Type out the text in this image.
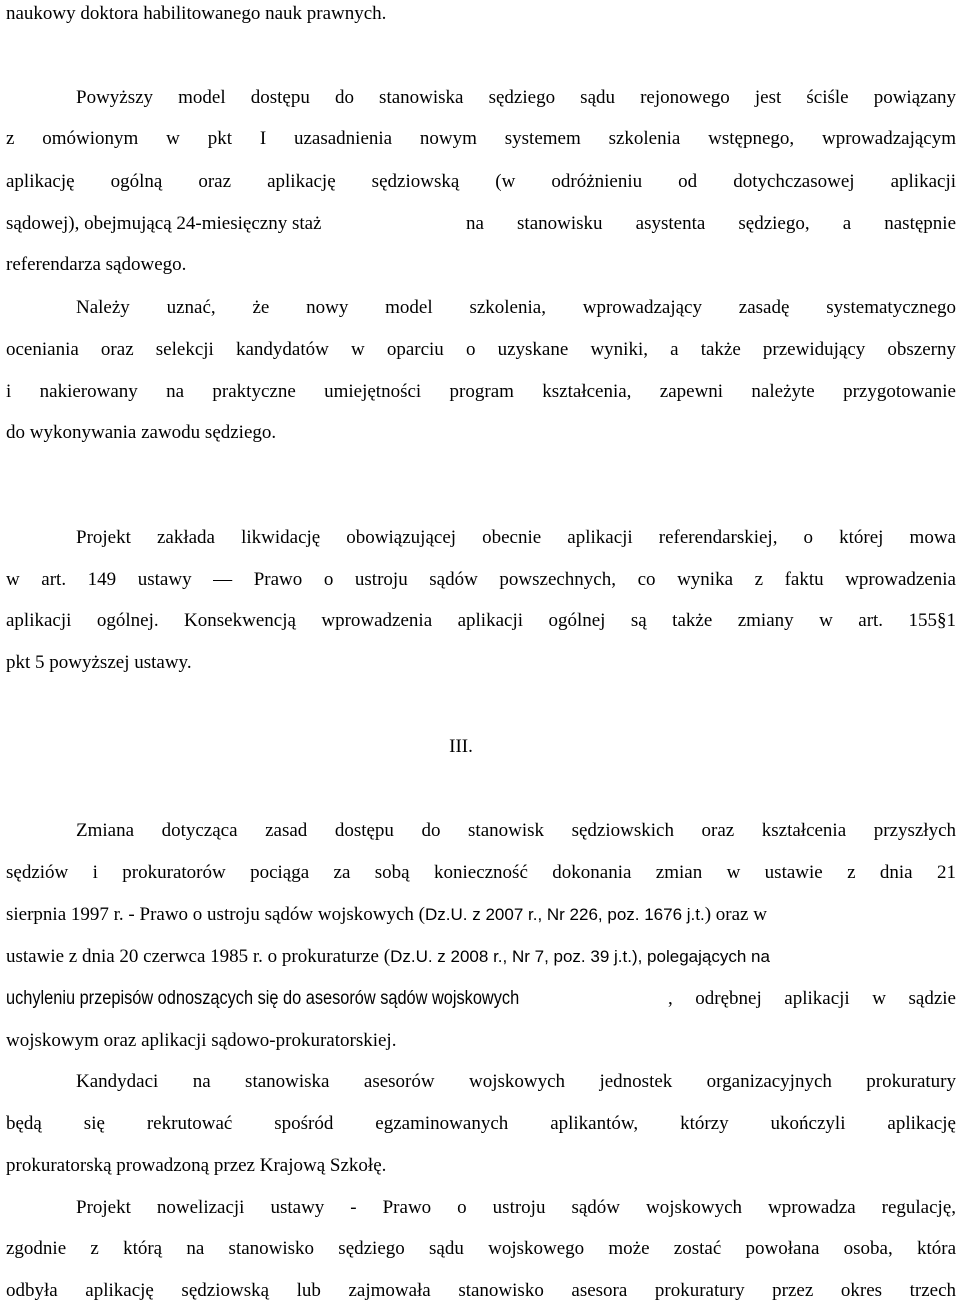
naukowy doktora habilitowanego nauk prawnych.
Powyższy model dostępu do stanowiska sędziego sądu rejonowego jest ściśle powiązany
z omówionym w pkt I uzasadnienia nowym systemem szkolenia wstępnego, wprowadzającym
aplikację ogólną oraz aplikację sędziowską (w odróżnieniu od dotychczasowej aplikacji
sądowej), obejmującą 24-miesięczny staż	na stanowisku asystenta sędziego, a następnie
referendarza sądowego.
Należy uznać, że nowy model szkolenia, wprowadzający zasadę systematycznego
oceniania oraz selekcji kandydatów w oparciu o uzyskane wyniki, a także przewidujący obszerny
i nakierowany na praktyczne umiejętności program kształcenia, zapewni należyte przygotowanie
do wykonywania zawodu sędziego.
Projekt zakłada likwidację obowiązującej obecnie aplikacji referendarskiej, o której mowa
w art. 149 ustawy ― Prawo o ustroju sądów powszechnych, co wynika z faktu wprowadzenia
aplikacji ogólnej. Konsekwencją wprowadzenia aplikacji ogólnej są także zmiany w art. 155§1
pkt 5 powyższej ustawy.
III.
Zmiana dotycząca zasad dostępu do stanowisk sędziowskich oraz kształcenia przyszłych
sędziów i prokuratorów pociąga za sobą konieczność dokonania zmian w ustawie z dnia 21
sierpnia 1997 r. - Prawo o ustroju sądów wojskowych (Dz.U. z 2007 r., Nr 226, poz. 1676 j.t.) oraz w
ustawie z dnia 20 czerwca 1985 r. o prokuraturze (Dz.U. z 2008 r., Nr 7, poz. 39 j.t.), polegających na
uchyleniu przepisów odnoszących się do asesorów sądów wojskowych	, odrębnej aplikacji w sądzie
wojskowym oraz aplikacji sądowo-prokuratorskiej.
Kandydaci na stanowiska asesorów wojskowych jednostek organizacyjnych prokuratury
będą się rekrutować spośród egzaminowanych aplikantów, którzy ukończyli aplikację
prokuratorską prowadzoną przez Krajową Szkołę.
Projekt nowelizacji ustawy - Prawo o ustroju sądów wojskowych wprowadza regulację,
zgodnie z którą na stanowisko sędziego sądu wojskowego może zostać powołana osoba, która
odbyła aplikację sędziowską lub zajmowała stanowisko asesora prokuratury przez okres trzech
